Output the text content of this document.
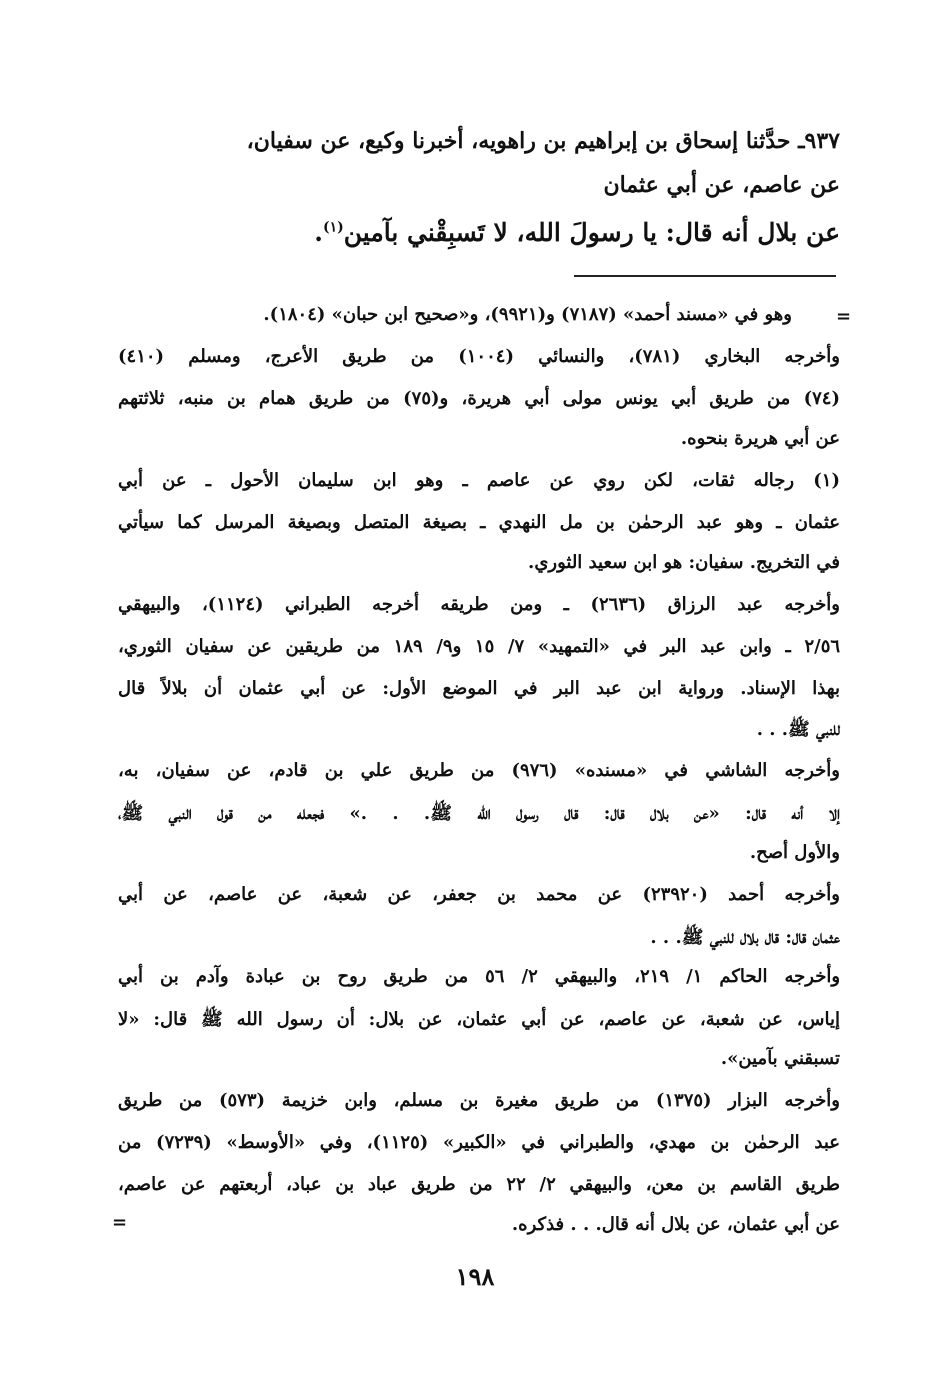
٩٣٧ـ حدَّثنا إسحاق بن إبراهيم بن راهويه، أخبرنا وكيع، عن سفيان،
عن عاصم، عن أبي عثمان
عن بلال أنه قال: يا رسولَ الله، لا تَسبِقْني بآمين$^{(١)}$.
=
وهو في «مسند أحمد» (٧١٨٧) و(٩٩٢١)، و«صحيح ابن حبان» (١٨٠٤).
وأخرجه البخاري (٧٨١)، والنسائي (١٠٠٤) من طريق الأعرج، ومسلم (٤١٠)
(٧٤) من طريق أبي يونس مولى أبي هريرة، و(٧٥) من طريق همام بن منبه، ثلاثتهم
عن أبي هريرة بنحوه.
(١) رجاله ثقات، لكن روي عن عاصم ـ وهو ابن سليمان الأحول ـ عن أبي
عثمان ـ وهو عبد الرحمٰن بن مل النهدي ـ بصيغة المتصل وبصيغة المرسل كما سيأتي
في التخريج. سفيان: هو ابن سعيد الثوري.
وأخرجه عبد الرزاق (٢٦٣٦) ـ ومن طريقه أخرجه الطبراني (١١٢٤)، والبيهقي
٢/٥٦ ـ وابن عبد البر في «التمهيد» ٧/ ١٥ و٩/ ١٨٩ من طريقين عن سفيان الثوري،
بهذا الإسناد. ورواية ابن عبد البر في الموضع الأول: عن أبي عثمان أن بلالاً قال
للنبي ﷺ. . .
وأخرجه الشاشي في «مسنده» (٩٧٦) من طريق علي بن قادم، عن سفيان، به،
إلا أنه قال: «عن بلال قال: قال رسول الله ﷺ. . .» فجعله من قول النبي ﷺ،
والأول أصح.
وأخرجه أحمد (٢٣٩٢٠) عن محمد بن جعفر، عن شعبة، عن عاصم، عن أبي
عثمان قال: قال بلال للنبي ﷺ. . .
وأخرجه الحاكم ١/ ٢١٩، والبيهقي ٢/ ٥٦ من طريق روح بن عبادة وآدم بن أبي
إياس، عن شعبة، عن عاصم، عن أبي عثمان، عن بلال: أن رسول الله ﷺ قال: «لا
تسبقني بآمين».
وأخرجه البزار (١٣٧٥) من طريق مغيرة بن مسلم، وابن خزيمة (٥٧٣) من طريق
عبد الرحمٰن بن مهدي، والطبراني في «الكبير» (١١٢٥)، وفي «الأوسط» (٧٢٣٩) من
طريق القاسم بن معن، والبيهقي ٢/ ٢٢ من طريق عباد بن عباد، أربعتهم عن عاصم،
عن أبي عثمان، عن بلال أنه قال. . . فذكره.
=
١٩٨
